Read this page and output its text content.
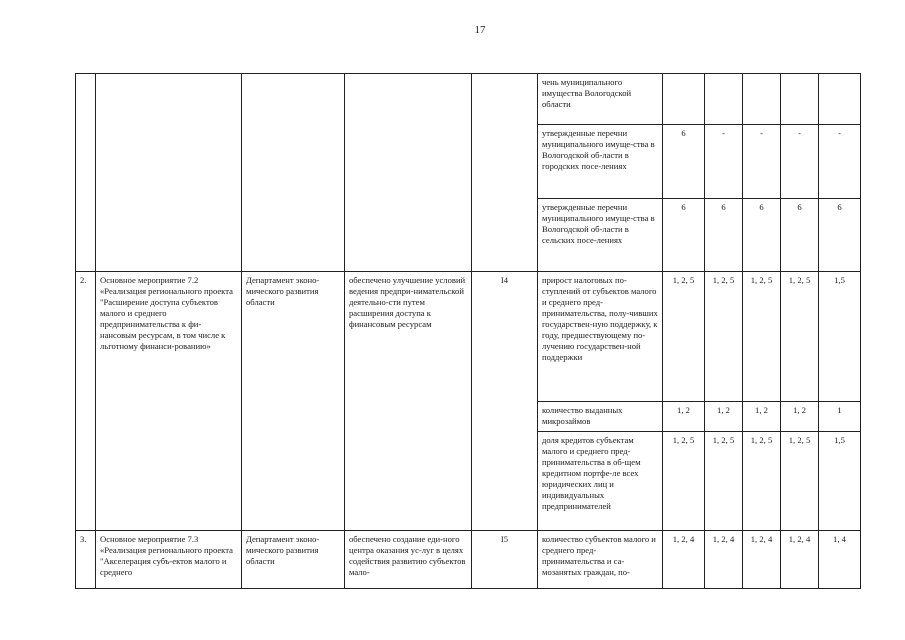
17
					чень муниципального имущества Вологодской области					
					утвержденные перечни муниципального имуще-ства в Вологодской об-ласти в городских посе-лениях	6	-	-	-	-
					утвержденные перечни муниципального имуще-ства в Вологодской об-ласти в сельских посе-лениях	6	6	6	6	6
2.	Основное мероприятие 7.2 «Реализация регионального проекта "Расширение доступа субъектов малого и среднего предпринимательства к фи-нансовым ресурсам, в том числе к льготному финанси-рованию»	Департамент эконо-мического развития области	обеспечено улучшение условий ведения предпри-нимательской деятельно-сти путем расширения доступа к финансовым ресурсам	I4	прирост налоговых по-ступлений от субъектов малого и среднего пред-принимательства, полу-чивших государствен-ную поддержку, к году, предшествующему по-лучению государствен-ной поддержки	1, 2, 5	1, 2, 5	1, 2, 5	1, 2, 5	1,5
					количество выданных микрозаймов	1, 2	1, 2	1, 2	1, 2	1
					доля кредитов субъектам малого и среднего пред-принимательства в об-щем кредитном портфе-ле всех юридических лиц и индивидуальных предпринимателей	1, 2, 5	1, 2, 5	1, 2, 5	1, 2, 5	1,5
3.	Основное мероприятие 7.3 «Реализация регионального проекта "Акселерация субъ-ектов малого и среднего	Департамент эконо-мического развития области	обеспечено создание еди-ного центра оказания ус-луг в целях содействия развитию субъектов мало-	I5	количество субъектов малого и среднего пред-принимательства и са-мозанятых граждан, по-	1, 2, 4	1, 2, 4	1, 2, 4	1, 2, 4	1, 4
